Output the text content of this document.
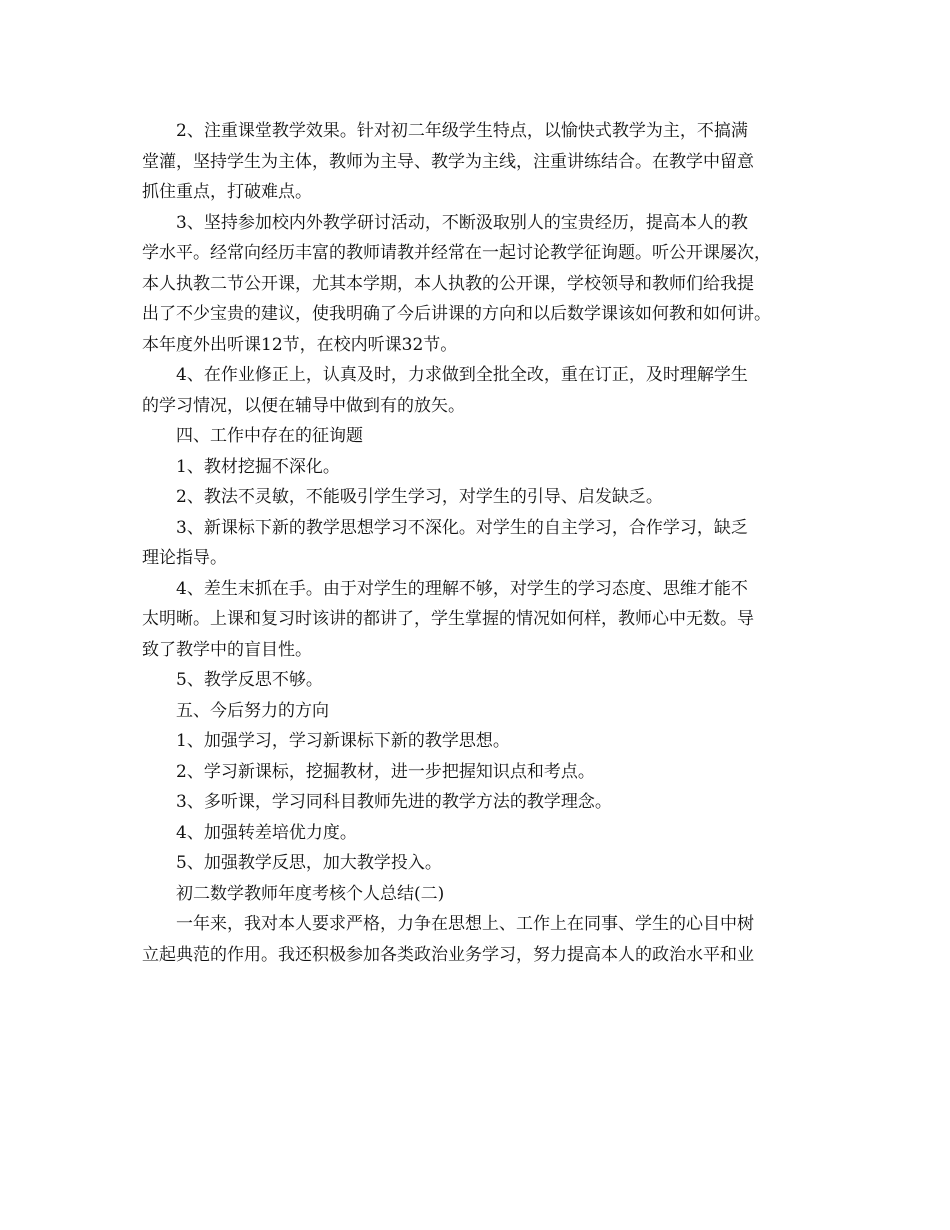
2、注重课堂教学效果。针对初二年级学生特点，以愉快式教学为主，不搞满
堂灌，坚持学生为主体，教师为主导、教学为主线，注重讲练结合。在教学中留意
抓住重点，打破难点。
3、坚持参加校内外教学研讨活动，不断汲取别人的宝贵经历，提高本人的教
学水平。经常向经历丰富的教师请教并经常在一起讨论教学征询题。听公开课屡次，
本人执教二节公开课，尤其本学期，本人执教的公开课，学校领导和教师们给我提
出了不少宝贵的建议，使我明确了今后讲课的方向和以后数学课该如何教和如何讲。
本年度外出听课12节，在校内听课32节。
4、在作业修正上，认真及时，力求做到全批全改，重在订正，及时理解学生
的学习情况，以便在辅导中做到有的放矢。
四、工作中存在的征询题
1、教材挖掘不深化。
2、教法不灵敏，不能吸引学生学习，对学生的引导、启发缺乏。
3、新课标下新的教学思想学习不深化。对学生的自主学习，合作学习，缺乏
理论指导。
4、差生末抓在手。由于对学生的理解不够，对学生的学习态度、思维才能不
太明晰。上课和复习时该讲的都讲了，学生掌握的情况如何样，教师心中无数。导
致了教学中的盲目性。
5、教学反思不够。
五、今后努力的方向
1、加强学习，学习新课标下新的教学思想。
2、学习新课标，挖掘教材，进一步把握知识点和考点。
3、多听课，学习同科目教师先进的教学方法的教学理念。
4、加强转差培优力度。
5、加强教学反思，加大教学投入。
初二数学教师年度考核个人总结(二)
一年来，我对本人要求严格，力争在思想上、工作上在同事、学生的心目中树
立起典范的作用。我还积极参加各类政治业务学习，努力提高本人的政治水平和业
